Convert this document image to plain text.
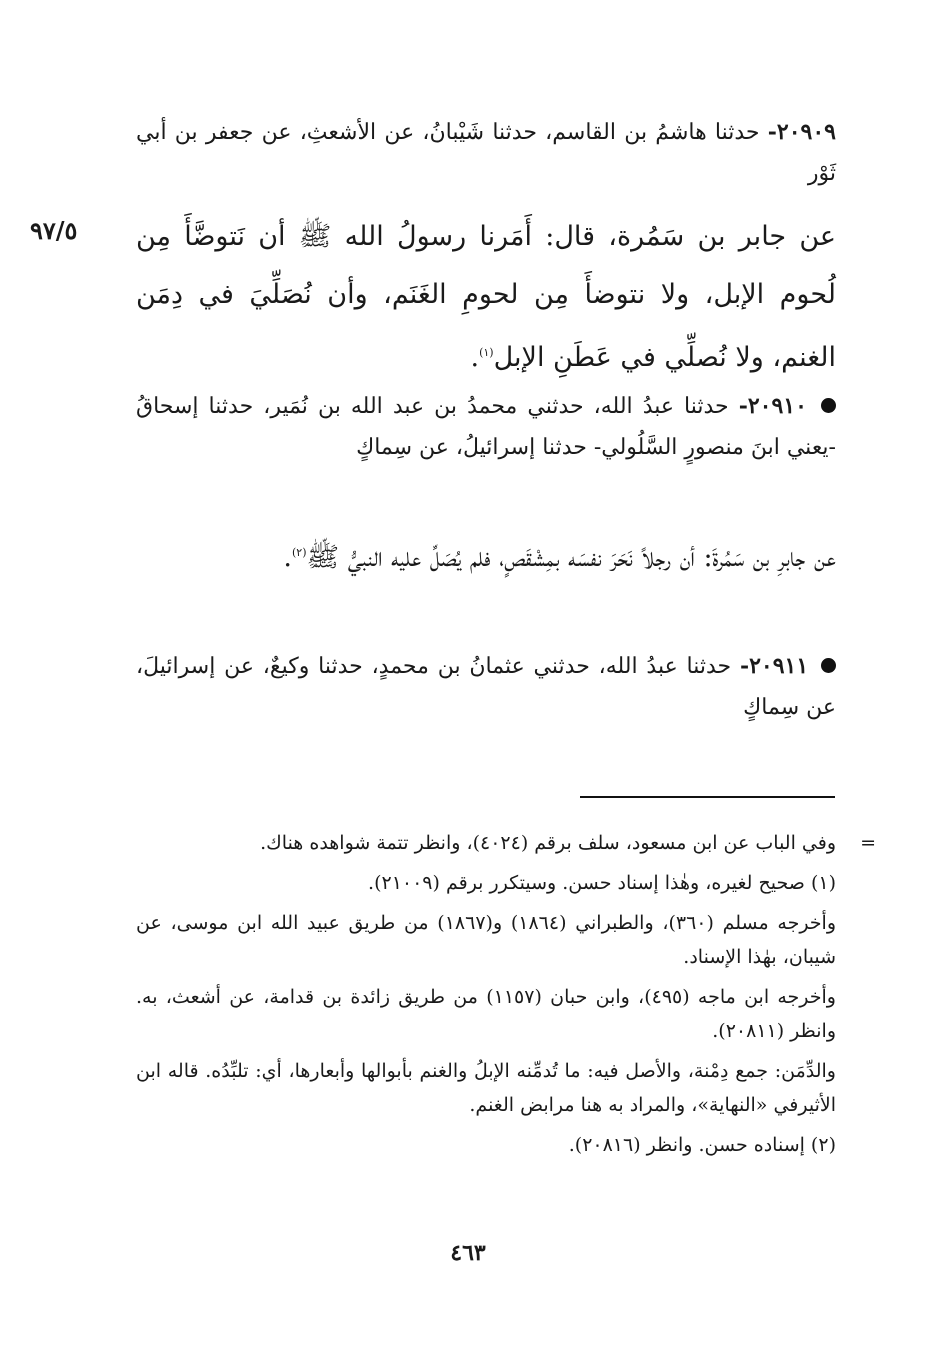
٢٠٩٠٩- حدثنا هاشمُ بن القاسم، حدثنا شَيْبانُ، عن الأشعثِ، عن جعفر بن أبي ثَوْر
عن جابر بن سَمُرة، قال: أَمَرنا رسولُ الله ﷺ أن نَتوضَّأَ مِن لُحوم الإبل، ولا نتوضأَ مِن لحومِ الغَنَم، وأن نُصَلِّيَ في دِمَن الغنم، ولا نُصلِّي في عَطَنِ الإبل$^{(١)}$.
٩٧/٥
٢٠٩١٠- حدثنا عبدُ الله، حدثني محمدُ بن عبد الله بن نُمَير، حدثنا إسحاقُ -يعني ابنَ منصورٍ السَّلُولي- حدثنا إسرائيلُ، عن سِماكٍ
عن جابرِ بن سَمُرةَ: أن رجلاً نَحَرَ نفسَه بمِشْقَصٍ، فلم يُصَلِّ عليه النبيُّ ﷺ$^{(٢)}$.
٢٠٩١١- حدثنا عبدُ الله، حدثني عثمانُ بن محمدٍ، حدثنا وكيعٌ، عن إسرائيلَ، عن سِماكٍ
=

وفي الباب عن ابن مسعود، سلف برقم (٤٠٢٤)، وانظر تتمة شواهده هناك.

(١) صحيح لغيره، وهٰذا إسناد حسن. وسيتكرر برقم (٢١٠٠٩).

وأخرجه مسلم (٣٦٠)، والطبراني (١٨٦٤) و(١٨٦٧) من طريق عبيد الله ابن موسى، عن شيبان، بهٰذا الإسناد.

وأخرجه ابن ماجه (٤٩٥)، وابن حبان (١١٥٧) من طريق زائدة بن قدامة، عن أشعث، به. وانظر (٢٠٨١١).

والدِّمَن: جمع دِمْنة، والأصل فيه: ما تُدمِّنه الإبلُ والغنم بأبوالها وأبعارها، أي: تلبِّدُه. قاله ابن الأثيرفي «النهاية»، والمراد به هنا مرابض الغنم.

(٢) إسناده حسن. وانظر (٢٠٨١٦).

٤٦٣
